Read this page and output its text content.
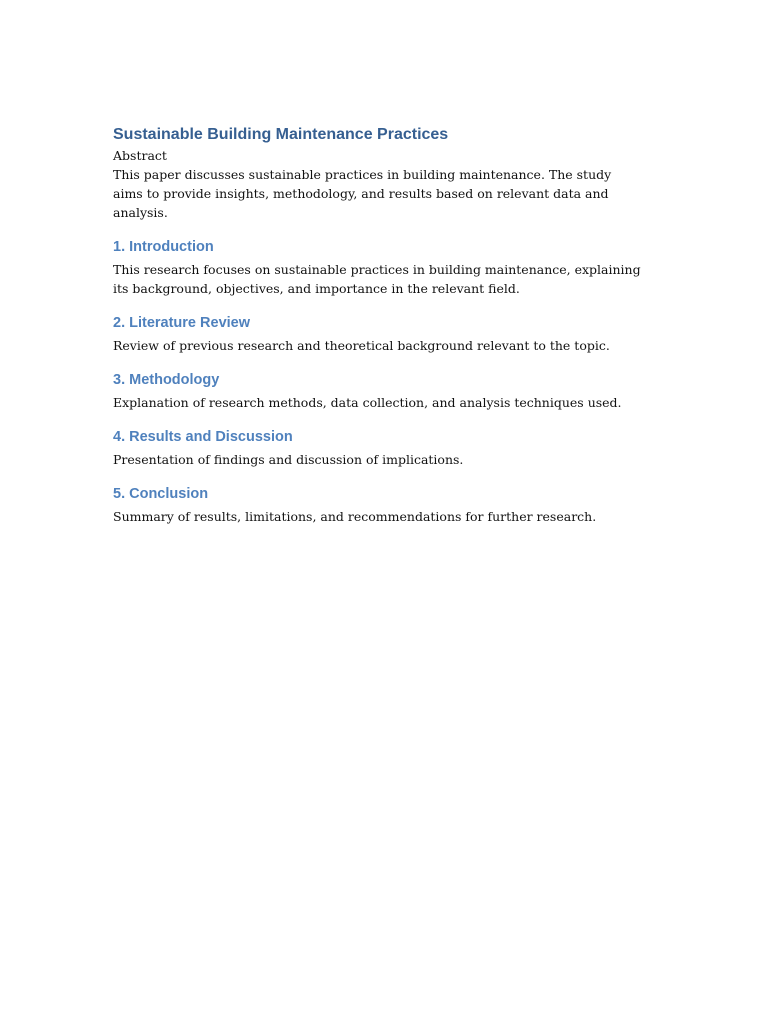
Sustainable Building Maintenance Practices

Abstract

This paper discusses sustainable practices in building maintenance. The study aims to provide insights, methodology, and results based on relevant data and analysis.

1. Introduction

This research focuses on sustainable practices in building maintenance, explaining its background, objectives, and importance in the relevant field.

2. Literature Review

Review of previous research and theoretical background relevant to the topic.

3. Methodology

Explanation of research methods, data collection, and analysis techniques used.

4. Results and Discussion

Presentation of findings and discussion of implications.

5. Conclusion

Summary of results, limitations, and recommendations for further research.
